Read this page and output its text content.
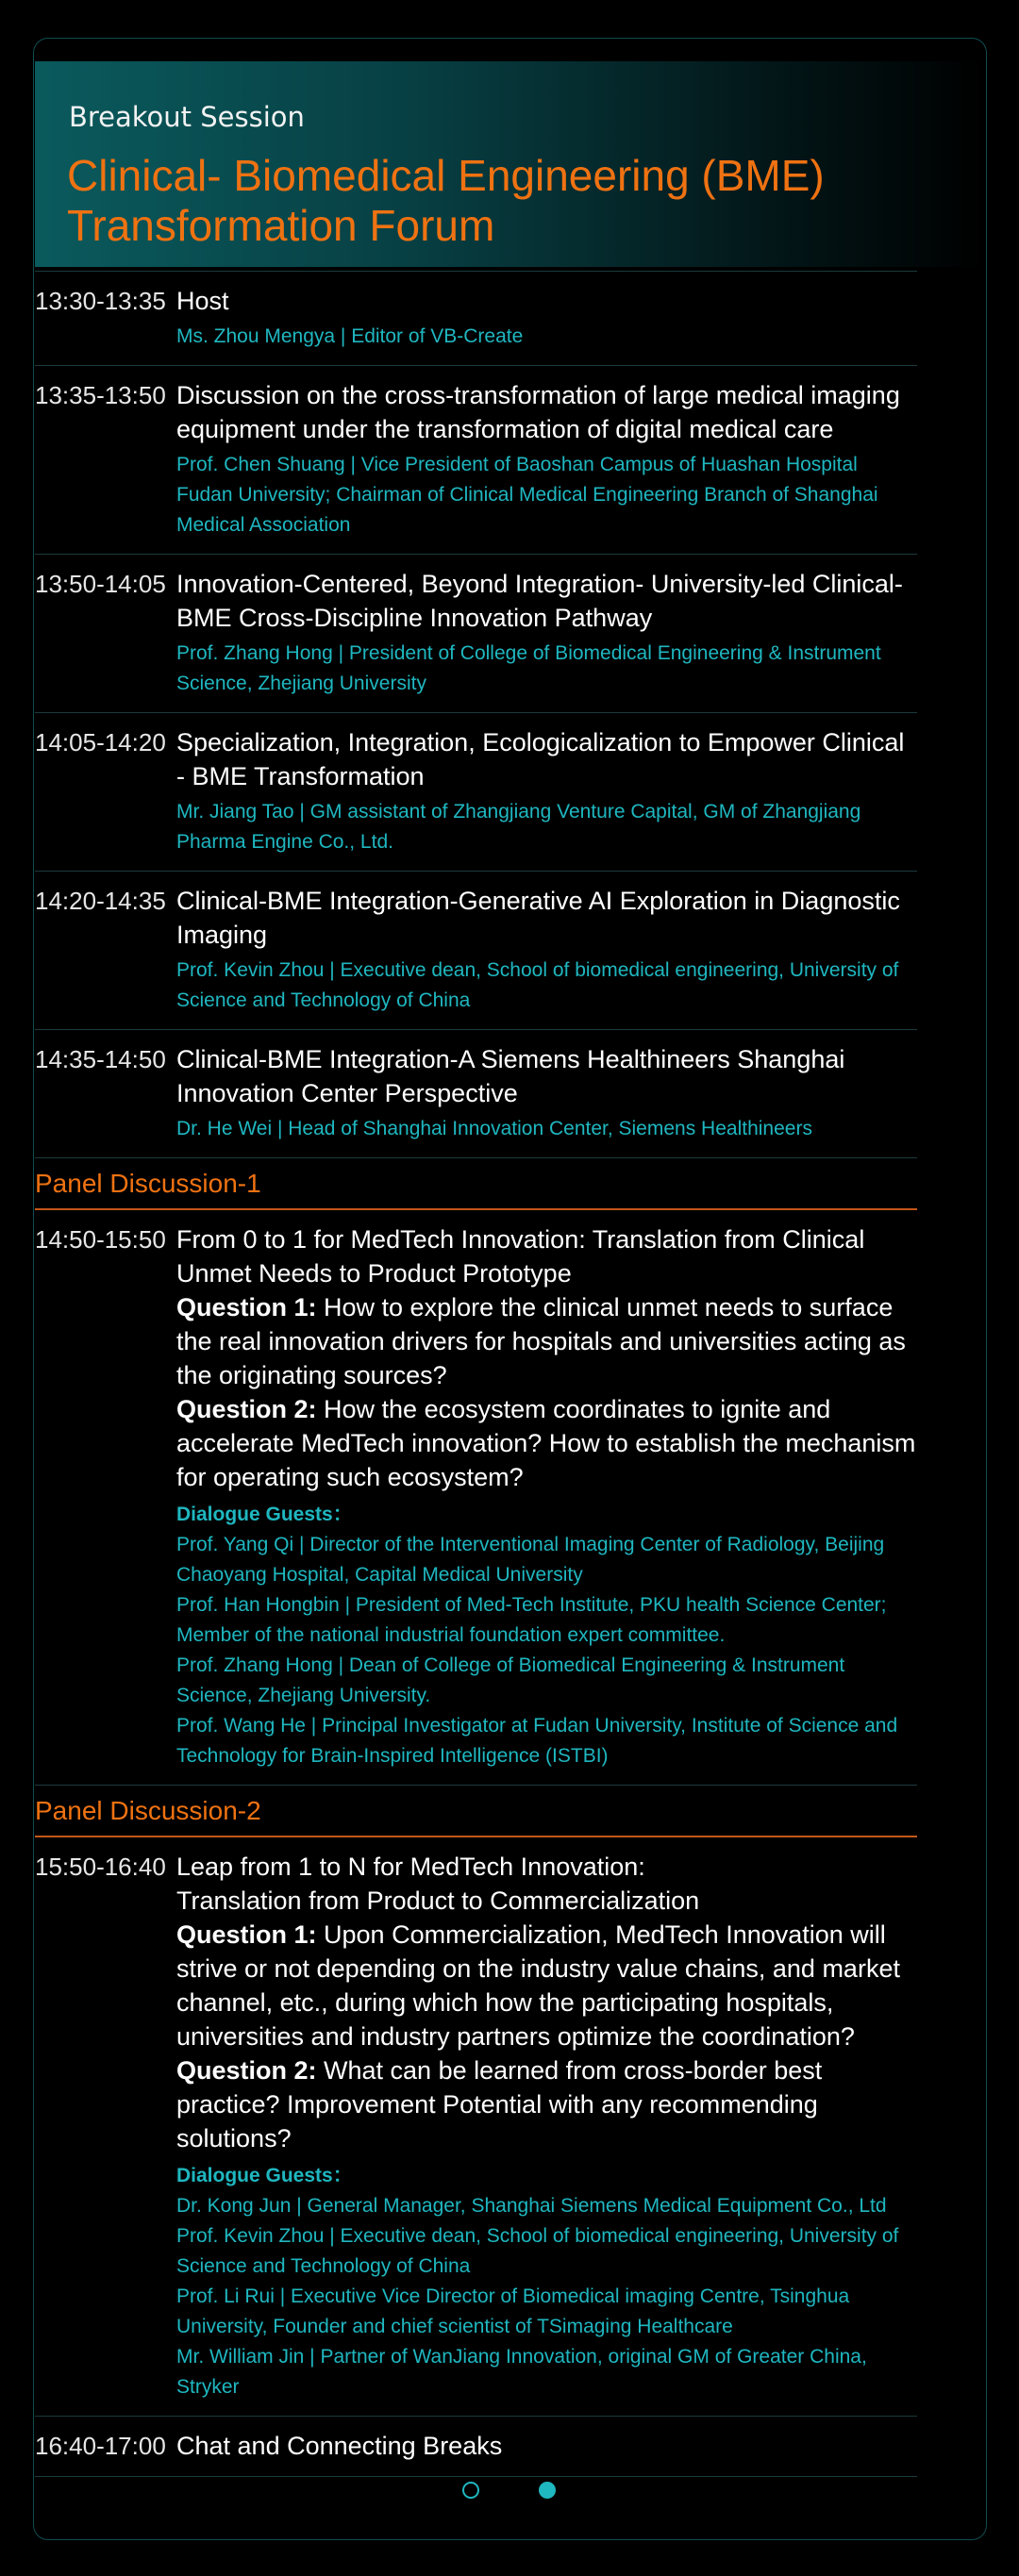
Breakout Session
Clinical- Biomedical Engineering (BME) Transformation Forum
13:30-13:35 Host
Ms. Zhou Mengya | Editor of VB-Create
13:35-13:50 Discussion on the cross-transformation of large medical imaging equipment under the transformation of digital medical care
Prof. Chen Shuang | Vice President of Baoshan Campus of Huashan Hospital Fudan University; Chairman of Clinical Medical Engineering Branch of Shanghai Medical Association
13:50-14:05 Innovation-Centered, Beyond Integration- University-led Clinical-BME Cross-Discipline Innovation Pathway
Prof. Zhang Hong | President of College of Biomedical Engineering & Instrument Science, Zhejiang University
14:05-14:20 Specialization, Integration, Ecologicalization to Empower Clinical - BME Transformation
Mr. Jiang Tao | GM assistant of Zhangjiang Venture Capital, GM of Zhangjiang Pharma Engine Co., Ltd.
14:20-14:35 Clinical-BME Integration-Generative AI Exploration in Diagnostic Imaging
Prof. Kevin Zhou | Executive dean, School of biomedical engineering, University of Science and Technology of China
14:35-14:50 Clinical-BME Integration-A Siemens Healthineers Shanghai Innovation Center Perspective
Dr. He Wei | Head of Shanghai Innovation Center, Siemens Healthineers
Panel Discussion-1
14:50-15:50 From 0 to 1 for MedTech Innovation: Translation from Clinical Unmet Needs to Product Prototype
Question 1: How to explore the clinical unmet needs to surface the real innovation drivers for hospitals and universities acting as the originating sources?
Question 2: How the ecosystem coordinates to ignite and accelerate MedTech innovation? How to establish the mechanism for operating such ecosystem?
Dialogue Guests：
Prof. Yang Qi | Director of the Interventional Imaging Center of Radiology, Beijing Chaoyang Hospital, Capital Medical University
Prof. Han Hongbin | President of Med-Tech Institute, PKU health Science Center; Member of the national industrial foundation expert committee.
Prof. Zhang Hong | Dean of College of Biomedical Engineering & Instrument Science, Zhejiang University.
Prof. Wang He | Principal Investigator at Fudan University, Institute of Science and Technology for Brain-Inspired Intelligence (ISTBI)
Panel Discussion-2
15:50-16:40 Leap from 1 to N for MedTech Innovation:
Translation from Product to Commercialization
Question 1: Upon Commercialization, MedTech Innovation will strive or not depending on the industry value chains, and market channel, etc., during which how the participating hospitals, universities and industry partners optimize the coordination?
Question 2: What can be learned from cross-border best practice? Improvement Potential with any recommending solutions?
Dialogue Guests：
Dr. Kong Jun | General Manager, Shanghai Siemens Medical Equipment Co., Ltd
Prof. Kevin Zhou | Executive dean, School of biomedical engineering, University of Science and Technology of China
Prof. Li Rui | Executive Vice Director of Biomedical imaging Centre, Tsinghua University, Founder and chief scientist of TSimaging Healthcare
Mr. William Jin | Partner of WanJiang Innovation, original GM of Greater China, Stryker
16:40-17:00 Chat and Connecting Breaks
